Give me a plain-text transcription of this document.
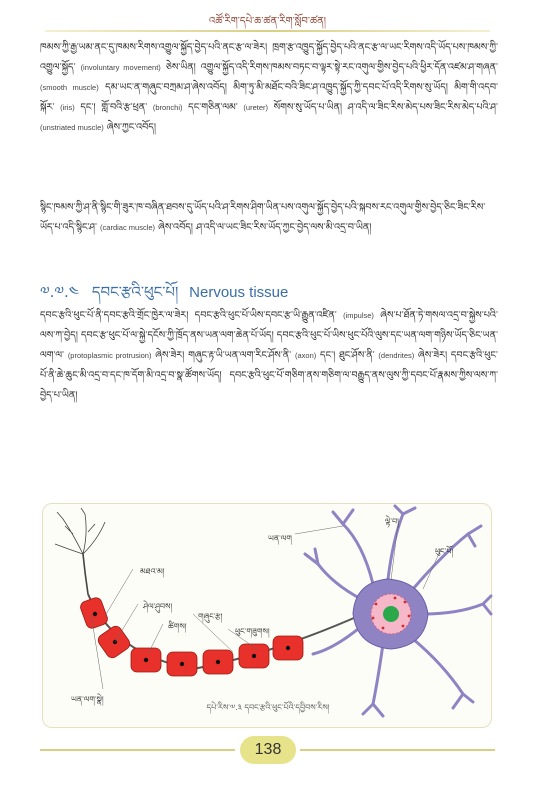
འཚོ་རིག་དཔེ་ཆ་ཚན་རིག་སློབ་ཚན།
ཁམས་ཀྱི་རྒྱ་ཡམ་ནང་དུ་ཁམས་རིགས་འགྱུལ་སྐྱོད་བྱེད་པའི་ནང་རྩ་ལ་ཟེར། ཁྲག་རྩ་འཁྱུད་སྐྱོད་བྱེད་པའི་ནང་རྩ་ལ་ཡང་རིགས་འདི་ཡོད་པས་ཁམས་ཀྱི་འགྱུལ་སྐྱོད་ (involuntary movement) ཅེས་ཡིན། འགྱུལ་སྐྱོད་འདི་རིགས་ཁམས་བཏང་བ་ལྟར་སྟེ་རང་འགུལ་གྱིས་བྱེད་པའི་ཕྱིར་དོན་འཛམ་ཤ་གཞན་ (smooth muscle) དམ་ཡང་ན་གཞུང་བཀྲམ་ཤ་ཞེས་འབོད། མིག་ཏུ་མི་མཐོང་བའི་ཟིང་ཤ་འཁྱུད་སྐྱོད་ཀྱི་དབང་པོ་འདི་རིགས་སུ་ཡོད། མིག་གི་འདབ་སྐོར་ (iris) དང་། གློ་བའི་རྩ་ཕྲན་ (bronchi) དང་གཅིན་ལམ་ (ureter) སོགས་སུ་ཡོད་པ་ཡིན། ཤ་འདི་ལ་ཟིང་རིས་མེད་པས་ཟིང་རིས་མེད་པའི་ཤ་ (unstriated muscle) ཞེས་ཀྱང་འབོད།
སྙིང་ཁམས་ཀྱི་ཤ་ནི་སྙིང་གི་ཟུར་ཁ་བཞིན་ཐབས་དུ་ཡོད་པའི་ཤ་རིགས་ཤིག་ཡིན་པས་འགུལ་སྐྱོད་བྱེད་པའི་སྐབས་རང་འགུལ་གྱིས་བྱེད་ཅིང་ཟིང་རིས་ཡོད་པ་འདི་སྙིང་ཤ་ (cardiac muscle) ཞེས་འབོད། ཤ་འདི་ལ་ཡང་ཟིང་རིས་ཡོད་ཀྱང་བྱེད་ལས་མི་འདྲ་བ་ཡིན།
༧.༧.༤ དབང་རྩའི་ཕུང་པོ། Nervous tissue
དབང་རྩའི་ཕུང་པོ་ནི་དབང་རྩའི་གྲོང་ཁྱེར་ལ་ཟེར། དབང་རྩའི་ཕུང་པོ་ཡིས་དབང་རྩ་ཡི་རྒྱུན་འཛིན་ (impulse) ཞེས་པ་ཐོན་ཏེ་གསལ་འདྲ་བ་སྐྱེས་པའི་ལས་ཀ་བྱེད། དབང་རྩ་ཕུང་པོ་ལ་སྐྱེ་དངོས་ཀྱི་ཁྲོད་ནས་ཡན་ལག་ཆེན་པོ་ཡོད། དབང་རྩའི་ཕུང་པོ་ཡིས་ཕུང་པོའི་ལུས་དང་ཡན་ལག་གཉིས་ཡོད་ཅིང་ཡན་ལག་ལ་ (protoplasmic protrusion) ཞེས་ཟེར། གཞུང་རྟ་ཡི་ཡན་ལག་རིང་ཤོས་ནི་ (axon) དང་། ཐུང་ཤོས་ནི་ (dendrites) ཞེས་ཟེར། དབང་རྩའི་ཕུང་པོ་ནི་ཆེ་ཆུང་མི་འདྲ་བ་དང་ཁ་དོག་མི་འདྲ་བ་སྣ་ཚོགས་ཡོད། དབང་རྩའི་ཕུང་པོ་གཅིག་ནས་གཅིག་ལ་བརྒྱུད་ནས་ལུས་ཀྱི་དབང་པོ་རྣམས་ཀྱིས་ལས་ཀ་བྱེད་པ་ཡིན།
མཐའ་མ།
ཤེལ་ཤུབས།
ཚིགས།
གཞུང་རྩ།
ཕུང་གཟུགས།
ཡན་ལག་སྣེ།
ཡན་ལག
ལྟེ་བ།
ཕུང་པོ།
དཔེ་རིས་༧.༣ དབང་རྩའི་ཕུང་པོའི་དབྱིབས་རིས།
138
